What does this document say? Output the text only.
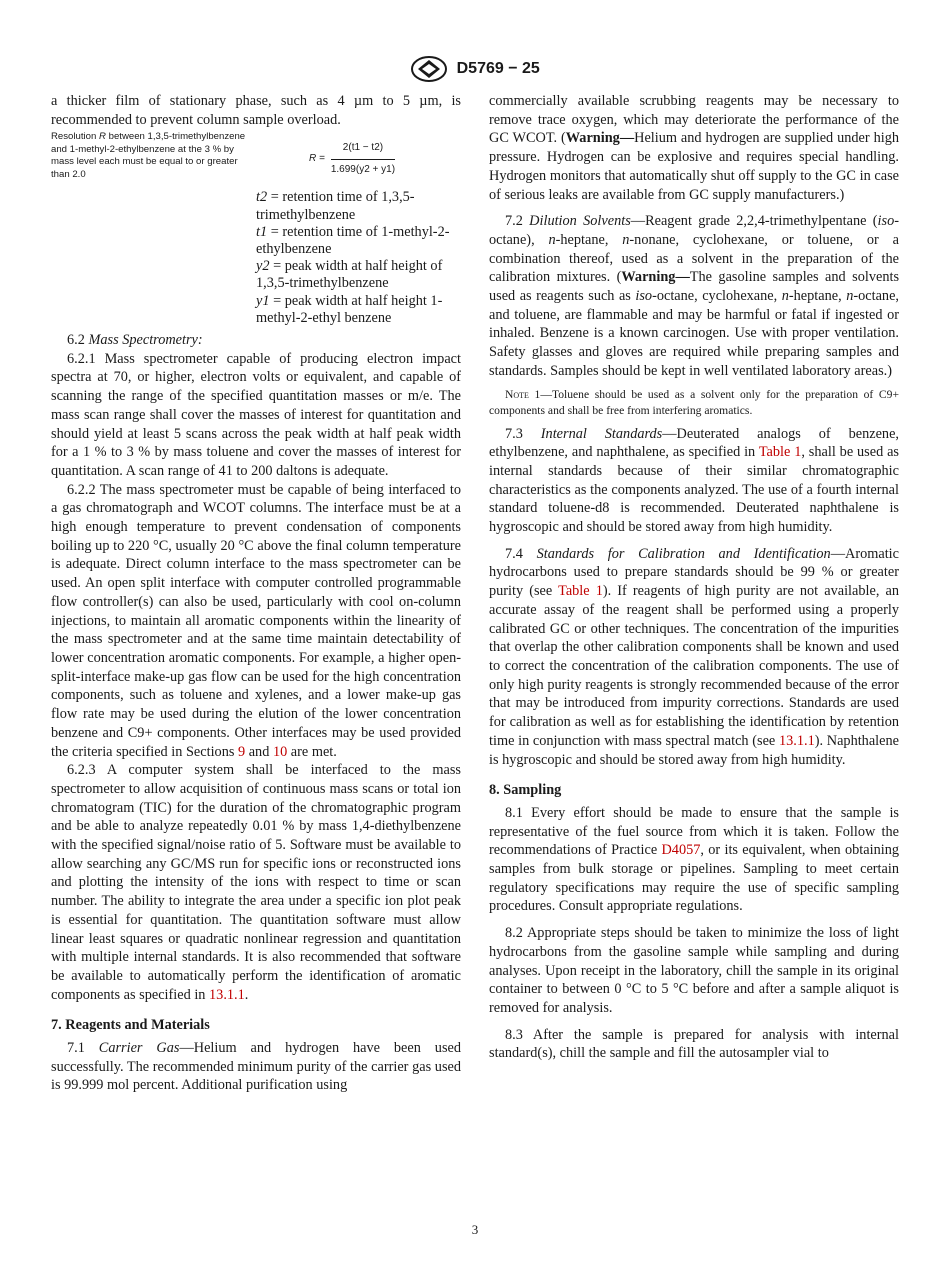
D5769 − 25

a thicker film of stationary phase, such as 4 µm to 5 µm, is recommended to prevent column sample overload.

Resolution R between 1,3,5-trimethylbenzene and 1-methyl-2-ethylbenzene at the 3 % by mass level each must be equal to or greater than 2.0
$R = \frac{2(t1 - t2)}{1.699(y2 + y1)}$
t2 = retention time of 1,3,5-trimethylbenzene
t1 = retention time of 1-methyl-2-ethylbenzene
y2 = peak width at half height of 1,3,5-trimethylbenzene
y1 = peak width at half height 1-methyl-2-ethyl benzene

6.2 Mass Spectrometry:

6.2.1 Mass spectrometer capable of producing electron impact spectra at 70, or higher, electron volts or equivalent, and capable of scanning the range of the specified quantitation masses or m/e. The mass scan range shall cover the masses of interest for quantitation and should yield at least 5 scans across the peak width at half peak width for a 1 % to 3 % by mass toluene and cover the masses of interest for quantitation. A scan range of 41 to 200 daltons is adequate.

6.2.2 The mass spectrometer must be capable of being interfaced to a gas chromatograph and WCOT columns. The interface must be at a high enough temperature to prevent condensation of components boiling up to 220 °C, usually 20 °C above the final column temperature is adequate. Direct column interface to the mass spectrometer can be used. An open split interface with computer controlled programmable flow controller(s) can also be used, particularly with cool on-column injections, to maintain all aromatic components within the linearity of the mass spectrometer and at the same time maintain detectability of lower concentration aromatic components. For example, a higher open-split-interface make-up gas flow can be used for the high concentration components, such as toluene and xylenes, and a lower make-up gas flow rate may be used during the elution of the lower concentration benzene and C9+ components. Other interfaces may be used provided the criteria specified in Sections 9 and 10 are met.

6.2.3 A computer system shall be interfaced to the mass spectrometer to allow acquisition of continuous mass scans or total ion chromatogram (TIC) for the duration of the chromatographic program and be able to analyze repeatedly 0.01 % by mass 1,4-diethylbenzene with the specified signal/noise ratio of 5. Software must be available to allow searching any GC/MS run for specific ions or reconstructed ions and plotting the intensity of the ions with respect to time or scan number. The ability to integrate the area under a specific ion plot peak is essential for quantitation. The quantitation software must allow linear least squares or quadratic nonlinear regression and quantitation with multiple internal standards. It is also recommended that software be available to automatically perform the identification of aromatic components as specified in 13.1.1.

7. Reagents and Materials

7.1 Carrier Gas—Helium and hydrogen have been used successfully. The recommended minimum purity of the carrier gas used is 99.999 mol percent. Additional purification using

commercially available scrubbing reagents may be necessary to remove trace oxygen, which may deteriorate the performance of the GC WCOT. (Warning—Helium and hydrogen are supplied under high pressure. Hydrogen can be explosive and requires special handling. Hydrogen monitors that automatically shut off supply to the GC in case of serious leaks are available from GC supply manufacturers.)

7.2 Dilution Solvents—Reagent grade 2,2,4-trimethylpentane (iso-octane), n-heptane, n-nonane, cyclohexane, or toluene, or a combination thereof, used as a solvent in the preparation of the calibration mixtures. (Warning—The gasoline samples and solvents used as reagents such as iso-octane, cyclohexane, n-heptane, n-octane, and toluene, are flammable and may be harmful or fatal if ingested or inhaled. Benzene is a known carcinogen. Use with proper ventilation. Safety glasses and gloves are required while preparing samples and standards. Samples should be kept in well ventilated laboratory areas.)

Note 1—Toluene should be used as a solvent only for the preparation of C9+ components and shall be free from interfering aromatics.

7.3 Internal Standards—Deuterated analogs of benzene, ethylbenzene, and naphthalene, as specified in Table 1, shall be used as internal standards because of their similar chromatographic characteristics as the components analyzed. The use of a fourth internal standard toluene-d8 is recommended. Deuterated naphthalene is hygroscopic and should be stored away from high humidity.

7.4 Standards for Calibration and Identification—Aromatic hydrocarbons used to prepare standards should be 99 % or greater purity (see Table 1). If reagents of high purity are not available, an accurate assay of the reagent shall be performed using a properly calibrated GC or other techniques. The concentration of the impurities that overlap the other calibration components shall be known and used to correct the concentration of the calibration components. The use of only high purity reagents is strongly recommended because of the error that may be introduced from impurity corrections. Standards are used for calibration as well as for establishing the identification by retention time in conjunction with mass spectral match (see 13.1.1). Naphthalene is hygroscopic and should be stored away from high humidity.

8. Sampling

8.1 Every effort should be made to ensure that the sample is representative of the fuel source from which it is taken. Follow the recommendations of Practice D4057, or its equivalent, when obtaining samples from bulk storage or pipelines. Sampling to meet certain regulatory specifications may require the use of specific sampling procedures. Consult appropriate regulations.

8.2 Appropriate steps should be taken to minimize the loss of light hydrocarbons from the gasoline sample while sampling and during analyses. Upon receipt in the laboratory, chill the sample in its original container to between 0 °C to 5 °C before and after a sample aliquot is removed for analysis.

8.3 After the sample is prepared for analysis with internal standard(s), chill the sample and fill the autosampler vial to

3
